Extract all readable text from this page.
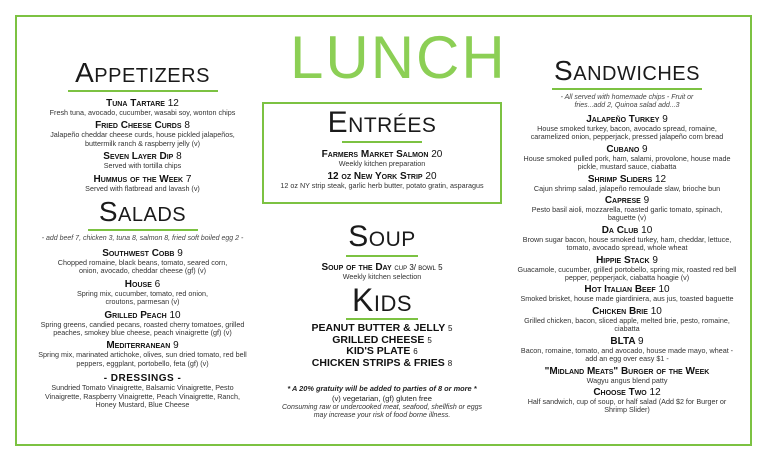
Appetizers
Tuna Tartare 12
Fresh tuna, avocado, cucumber, wasabi soy, wonton chips
Fried Cheese Curds 8
Jalapeño cheddar cheese curds, house pickled jalapeños, buttermilk ranch & raspberry jelly (v)
Seven Layer Dip 8
Served with tortilla chips
Hummus of the Week 7
Served with flatbread and lavash (v)
Salads
- add beef 7, chicken 3, tuna 8, salmon 8, fried soft boiled egg 2 -
Southwest Cobb 9
Chopped romaine, black beans, tomato, seared corn, onion, avocado, cheddar cheese (gf) (v)
House 6
Spring mix, cucumber, tomato, red onion, croutons, parmesan (v)
Grilled Peach 10
Spring greens, candied pecans, roasted cherry tomatoes, grilled peaches, smokey blue cheese, peach vinaigrette (gf) (v)
Mediterranean 9
Spring mix, marinated artichoke, olives, sun dried tomato, red bell peppers, eggplant, portobello, feta (gf) (v)
- DRESSINGS -
Sundried Tomato Vinaigrette, Balsamic Vinaigrette, Pesto Vinaigrette, Raspberry Vinaigrette, Peach Vinaigrette, Ranch, Honey Mustard, Blue Cheese
LUNCH
Entrées
Farmers Market Salmon 20
Weekly kitchen preparation
12 oz New York Strip 20
12 oz NY strip steak, garlic herb butter, potato gratin, asparagus
Soup
Soup of the Day cup 3/ bowl 5
Weekly kitchen selection
Kids
PEANUT BUTTER & JELLY 5
GRILLED CHEESE 5
KID'S PLATE 6
CHICKEN STRIPS & FRIES 8
* A 20% gratuity will be added to parties of 8 or more *
(v) vegetarian, (gf) gluten free
Consuming raw or undercooked meat, seafood, shellfish or eggs may increase your risk of food borne illness.
Sandwiches
- All served with homemade chips - Fruit or fries...add 2, Quinoa salad add...3
Jalapeño Turkey 9
House smoked turkey, bacon, avocado spread, romaine, caramelized onion, pepperjack, pressed jalapeño corn bread
Cubano 9
House smoked pulled pork, ham, salami, provolone, house made pickle, mustard sauce, ciabatta
Shrimp Sliders 12
Cajun shrimp salad, jalapeño remoulade slaw, brioche bun
Caprese 9
Pesto basil aioli, mozzarella, roasted garlic tomato, spinach, baguette (v)
Da Club 10
Brown sugar bacon, house smoked turkey, ham, cheddar, lettuce, tomato, avocado spread, whole wheat
Hippie Stack 9
Guacamole, cucumber, grilled portobello, spring mix, roasted red bell pepper, pepperjack, ciabatta hoagie (v)
Hot Italian Beef 10
Smoked brisket, house made giardiniera, aus jus, toasted baguette
Chicken Brie 10
Grilled chicken, bacon, sliced apple, melted brie, pesto, romaine, ciabatta
BLTA 9
Bacon, romaine, tomato, and avocado, house made mayo, wheat - add an egg over easy $1 -
"Midland Meats" Burger of the Week
Wagyu angus blend patty
Choose Two 12
Half sandwich, cup of soup, or half salad (Add $2 for Burger or Shrimp Slider)
